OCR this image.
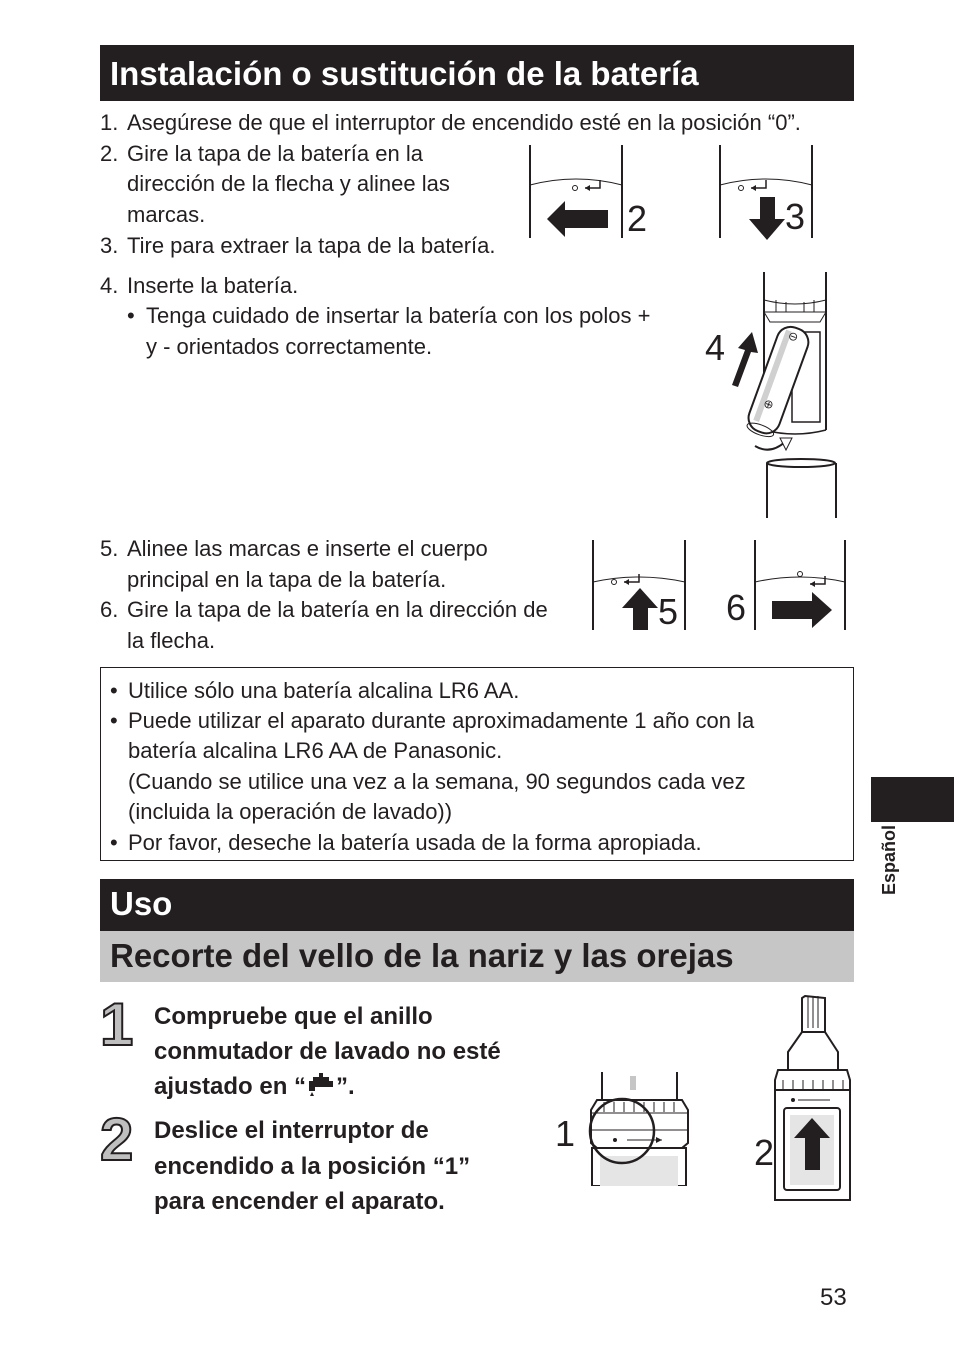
Instalación o sustitución de la batería
1. Asegúrese de que el interruptor de encendido esté en la posición “0”.
2. Gire la tapa de la batería en la
dirección de la flecha y alinee las
marcas.
3. Tire para extraer la tapa de la batería.
2	3
4. Inserte la batería.
• Tenga cuidado de insertar la batería con los polos +
y - orientados correctamente.	⊖
⊕
4
5. Alinee las marcas e inserte el cuerpo
principal en la tapa de la batería.
6. Gire la tapa de la batería en la dirección de
la flecha.
5 6
• Utilice sólo una batería alcalina LR6 AA.
• Puede utilizar el aparato durante aproximadamente 1 año con la
batería alcalina LR6 AA de Panasonic.
(Cuando se utilice una vez a la semana, 90 segundos cada vez
(incluida la operación de lavado))
• Por favor, deseche la batería usada de la forma apropiada.
Uso
Recorte del vello de la nariz y las orejas
1 Compruebe que el anillo
conmutador de lavado no esté
ajustado en “ ”.
2 Deslice el interruptor de
encendido a la posición “1”
para encender el aparato.
1	2
Español
53
